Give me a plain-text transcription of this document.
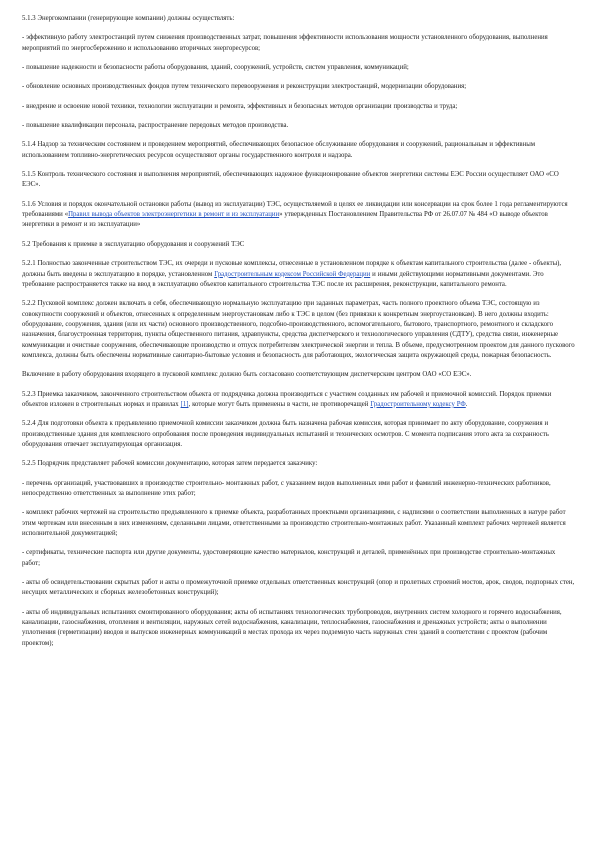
5.1.3 Энергокомпании (генерирующие компании) должны осуществлять:

- эффективную работу электростанций путем снижения производственных затрат, повышения эффективности использования мощности установленного оборудования, выполнения мероприятий по энергосбережению и использованию вторичных энергоресурсов;

- повышение надежности и безопасности работы оборудования, зданий, сооружений, устройств, систем управления, коммуникаций;

- обновление основных производственных фондов путем технического перевооружения и реконструкции электростанций, модернизации оборудования;

- внедрение и освоение новой техники, технологии эксплуатации и ремонта, эффективных и безопасных методов организации производства и труда;

- повышение квалификации персонала, распространение передовых методов производства.

5.1.4 Надзор за техническим состоянием и проведением мероприятий, обеспечивающих безопасное обслуживание оборудования и сооружений, рациональным и эффективным использованием топливно-энергетических ресурсов осуществляют органы государственного контроля и надзора.

5.1.5 Контроль технического состояния и выполнения мероприятий, обеспечивающих надежное функционирование объектов энергетики системы ЕЭС России осуществляет ОАО «СО ЕЭС».

5.1.6 Условия и порядок окончательной остановки работы (вывод из эксплуатации) ТЭС, осуществляемой в целях ее ликвидации или консервации на срок более 1 года регламентируются требованиями «Правил вывода объектов электроэнергетики в ремонт и из эксплуатации» утвержденных Постановлением Правительства РФ от 26.07.07 № 484 «О выводе объектов энергетики в ремонт и из эксплуатации»

5.2 Требования к приемке в эксплуатацию оборудования и сооружений ТЭС

5.2.1 Полностью законченные строительством ТЭС, их очереди и пусковые комплексы, отнесенные в установленном порядке к объектам капитального строительства (далее - объекты), должны быть введены в эксплуатацию в порядке, установленном Градостроительным кодексом Российской Федерации и иными действующими нормативными документами. Это требование распространяется также на ввод в эксплуатацию объектов капитального строительства ТЭС после их расширения, реконструкции, капитального ремонта.

5.2.2 Пусковой комплекс должен включать в себя, обеспечивающую нормальную эксплуатацию при заданных параметрах, часть полного проектного объема ТЭС, состоящую из совокупности сооружений и объектов, отнесенных к определенным энергоустановкам либо к ТЭС в целом (без привязки к конкретным энергоустановкам). В него должны входить: оборудование, сооружения, здания (или их части) основного производственного, подсобно-производственного, вспомогательного, бытового, транспортного, ремонтного и складского назначения, благоустроенная территория, пункты общественного питания, здравпункты, средства диспетчерского и технологического управления (СДТУ), средства связи, инженерные коммуникации и очистные сооружения, обеспечивающие производство и отпуск потребителям электрической энергии и тепла. В объеме, предусмотренном проектом для данного пускового комплекса, должны быть обеспечены нормативные санитарно-бытовые условия и безопасность для работающих, экологическая защита окружающей среды, пожарная безопасность.

Включение в работу оборудования входящего в пусковой комплекс должно быть согласовано соответствующим диспетчерским центром ОАО «СО ЕЭС».

5.2.3 Приемка заказчиком, законченного строительством объекта от подрядчика должна производиться с участием созданных им рабочей и приемочной комиссий. Порядок приемки объектов изложен в строительных нормах и правилах [1], которые могут быть применены в части, не противоречащей Градостроительному кодексу РФ.

5.2.4 Для подготовки объекта к предъявлению приемочной комиссии заказчиком должна быть назначена рабочая комиссия, которая принимает по акту оборудование, сооружения и производственные здания для комплексного опробования после проведения индивидуальных испытаний и технических осмотров. С момента подписания этого акта за сохранность оборудования отвечает эксплуатирующая организация.

5.2.5 Подрядчик представляет рабочей комиссии документацию, которая затем передается заказчику:

- перечень организаций, участвовавших в производстве строительно- монтажных работ, с указанием видов выполненных ими работ и фамилий инженерно-технических работников, непосредственно ответственных за выполнение этих работ;

- комплект рабочих чертежей на строительство предъявленного к приемке объекта, разработанных проектными организациями, с надписями о соответствии выполненных в натуре работ этим чертежам или внесенным в них изменениям, сделанными лицами, ответственными за производство строительно-монтажных работ. Указанный комплект рабочих чертежей является исполнительной документацией;

- сертификаты, технические паспорта или другие документы, удостоверяющие качество материалов, конструкций и деталей, применённых при производстве строительно-монтажных работ;

- акты об освидетельствовании скрытых работ и акты о промежуточной приемке отдельных ответственных конструкций (опор и пролетных строений мостов, арок, сводов, подпорных стен, несущих металлических и сборных железобетонных конструкций);

- акты об индивидуальных испытаниях смонтированного оборудования; акты об испытаниях технологических трубопроводов, внутренних систем холодного и горячего водоснабжения, канализации, газоснабжения, отопления и вентиляции, наружных сетей водоснабжения, канализации, теплоснабжения, газоснабжения и дренажных устройств; акты о выполнении уплотнения (герметизации) вводов и выпусков инженерных коммуникаций в местах прохода их через подземную часть наружных стен зданий в соответствии с проектом (рабочим проектом);
